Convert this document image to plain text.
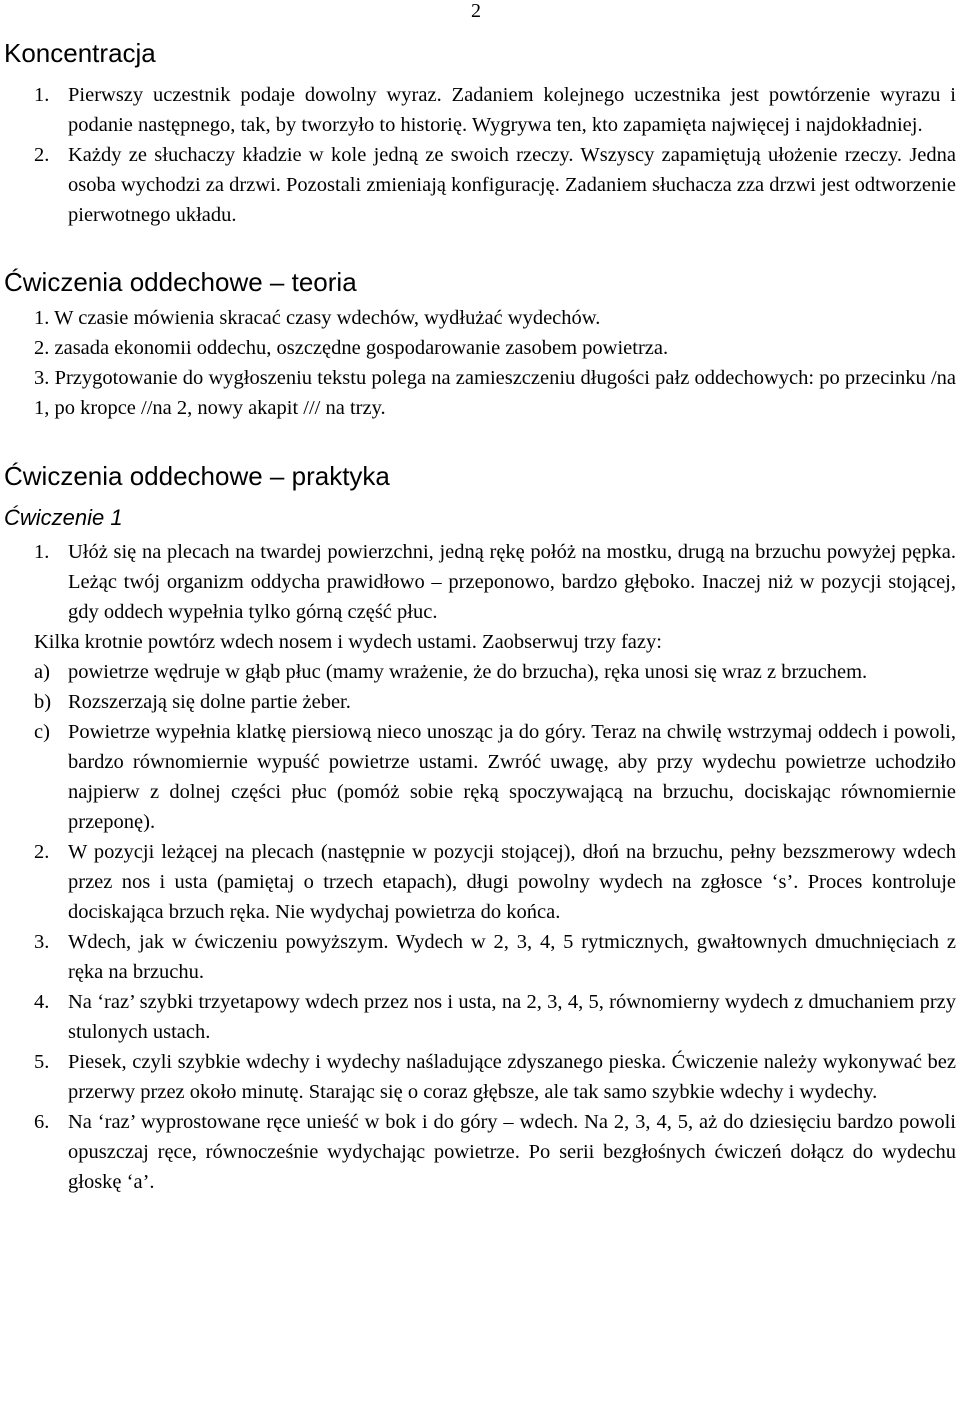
2
Koncentracja
1. Pierwszy uczestnik podaje dowolny wyraz. Zadaniem kolejnego uczestnika jest powtórzenie wyrazu i podanie następnego, tak, by tworzyło to historię. Wygrywa ten, kto zapamięta najwięcej i najdokładniej.
2. Każdy ze słuchaczy kładzie w kole jedną ze swoich rzeczy. Wszyscy zapamiętują ułożenie rzeczy. Jedna osoba wychodzi za drzwi. Pozostali zmieniają konfigurację. Zadaniem słuchacza zza drzwi jest odtworzenie pierwotnego układu.
Ćwiczenia oddechowe – teoria

1. W czasie mówienia skracać czasy wdechów, wydłużać wydechów.

2. zasada ekonomii oddechu, oszczędne gospodarowanie zasobem powietrza.

3. Przygotowanie do wygłoszeniu tekstu polega na zamieszczeniu długości pałz oddechowych: po przecinku /na 1, po kropce //na 2, nowy akapit /// na trzy.

Ćwiczenia oddechowe – praktyka
Ćwiczenie 1
1. Ułóż się na plecach na twardej powierzchni, jedną rękę połóż na mostku, drugą na brzuchu powyżej pępka. Leżąc twój organizm oddycha prawidłowo – przeponowo, bardzo głęboko. Inaczej niż w pozycji stojącej, gdy oddech wypełnia tylko górną część płuc.

Kilka krotnie powtórz wdech nosem i wydech ustami. Zaobserwuj trzy fazy:

a) powietrze wędruje w głąb płuc (mamy wrażenie, że do brzucha), ręka unosi się wraz z brzuchem.
b) Rozszerzają się dolne partie żeber.
c) Powietrze wypełnia klatkę piersiową nieco unosząc ja do góry. Teraz na chwilę wstrzymaj oddech i powoli, bardzo równomiernie wypuść powietrze ustami. Zwróć uwagę, aby przy wydechu powietrze uchodziło najpierw z dolnej części płuc (pomóż sobie ręką spoczywającą na brzuchu, dociskając równomiernie przeponę).
2. W pozycji leżącej na plecach (następnie w pozycji stojącej), dłoń na brzuchu, pełny bezszmerowy wdech przez nos i usta (pamiętaj o trzech etapach), długi powolny wydech na zgłosce ‘s’. Proces kontroluje dociskająca brzuch ręka. Nie wydychaj powietrza do końca.
3. Wdech, jak w ćwiczeniu powyższym. Wydech w 2, 3, 4, 5 rytmicznych, gwałtownych dmuchnięciach z ręka na brzuchu.
4. Na ‘raz’ szybki trzyetapowy wdech przez nos i usta, na 2, 3, 4, 5, równomierny wydech z dmuchaniem przy stulonych ustach.
5. Piesek, czyli szybkie wdechy i wydechy naśladujące zdyszanego pieska. Ćwiczenie należy wykonywać bez przerwy przez około minutę. Starając się o coraz głębsze, ale tak samo szybkie wdechy i wydechy.
6. Na ‘raz’ wyprostowane ręce unieść w bok i do góry – wdech. Na 2, 3, 4, 5, aż do dziesięciu bardzo powoli opuszczaj ręce, równocześnie wydychając powietrze. Po serii bezgłośnych ćwiczeń dołącz do wydechu głoskę ‘a’.
